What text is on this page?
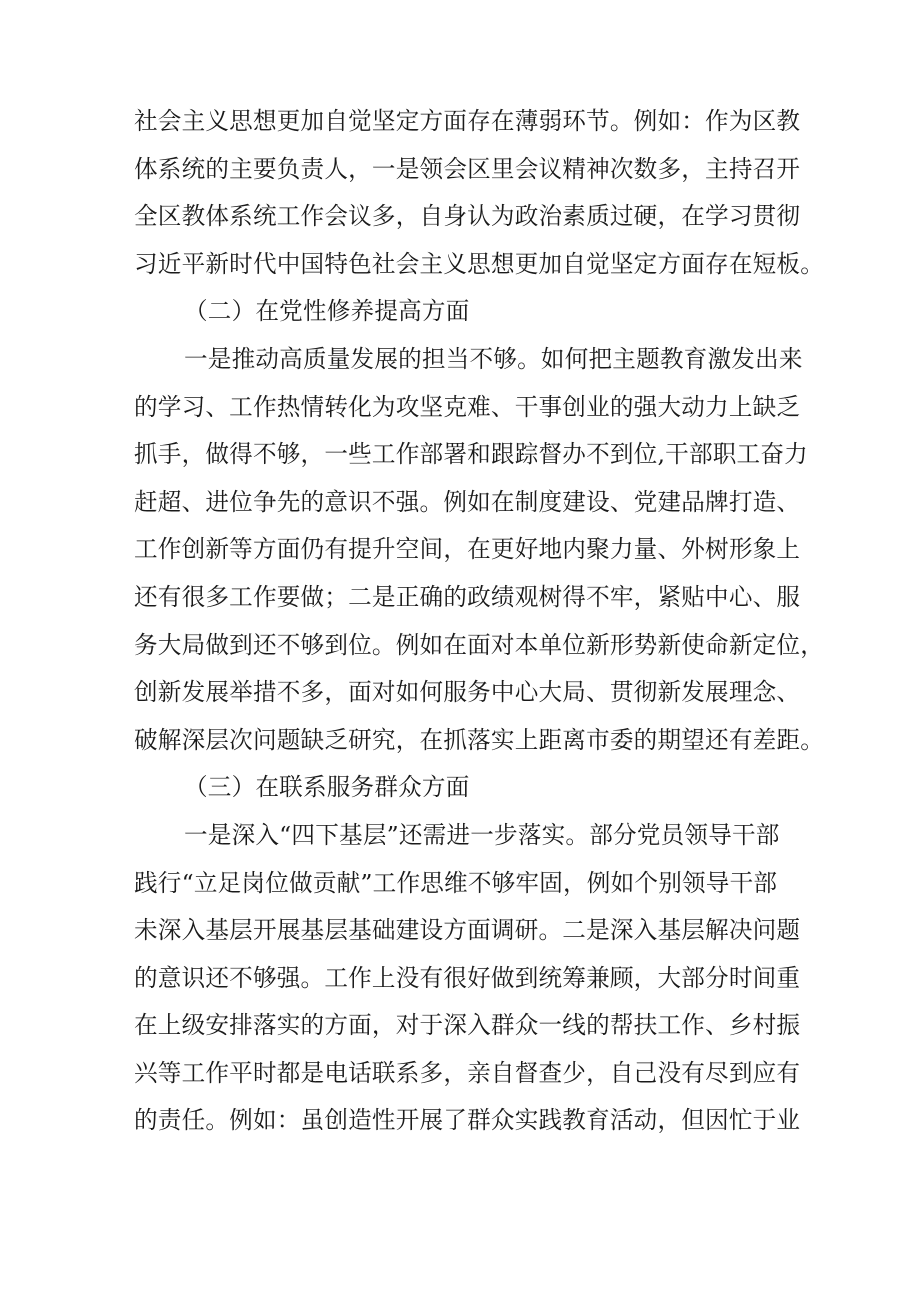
社会主义思想更加自觉坚定方面存在薄弱环节。例如：作为区教
体系统的主要负责人，一是领会区里会议精神次数多，主持召开
全区教体系统工作会议多，自身认为政治素质过硬，在学习贯彻
习近平新时代中国特色社会主义思想更加自觉坚定方面存在短板。
（二）在党性修养提高方面
一是推动高质量发展的担当不够。如何把主题教育激发出来
的学习、工作热情转化为攻坚克难、干事创业的强大动力上缺乏
抓手，做得不够，一些工作部署和跟踪督办不到位,干部职工奋力
赶超、进位争先的意识不强。例如在制度建设、党建品牌打造、
工作创新等方面仍有提升空间，在更好地内聚力量、外树形象上
还有很多工作要做；二是正确的政绩观树得不牢，紧贴中心、服
务大局做到还不够到位。例如在面对本单位新形势新使命新定位，
创新发展举措不多，面对如何服务中心大局、贯彻新发展理念、
破解深层次问题缺乏研究，在抓落实上距离市委的期望还有差距。
（三）在联系服务群众方面
一是深入“四下基层”还需进一步落实。部分党员领导干部
践行“立足岗位做贡献”工作思维不够牢固，例如个别领导干部
未深入基层开展基层基础建设方面调研。二是深入基层解决问题
的意识还不够强。工作上没有很好做到统筹兼顾，大部分时间重
在上级安排落实的方面，对于深入群众一线的帮扶工作、乡村振
兴等工作平时都是电话联系多，亲自督查少，自己没有尽到应有
的责任。例如：虽创造性开展了群众实践教育活动，但因忙于业
